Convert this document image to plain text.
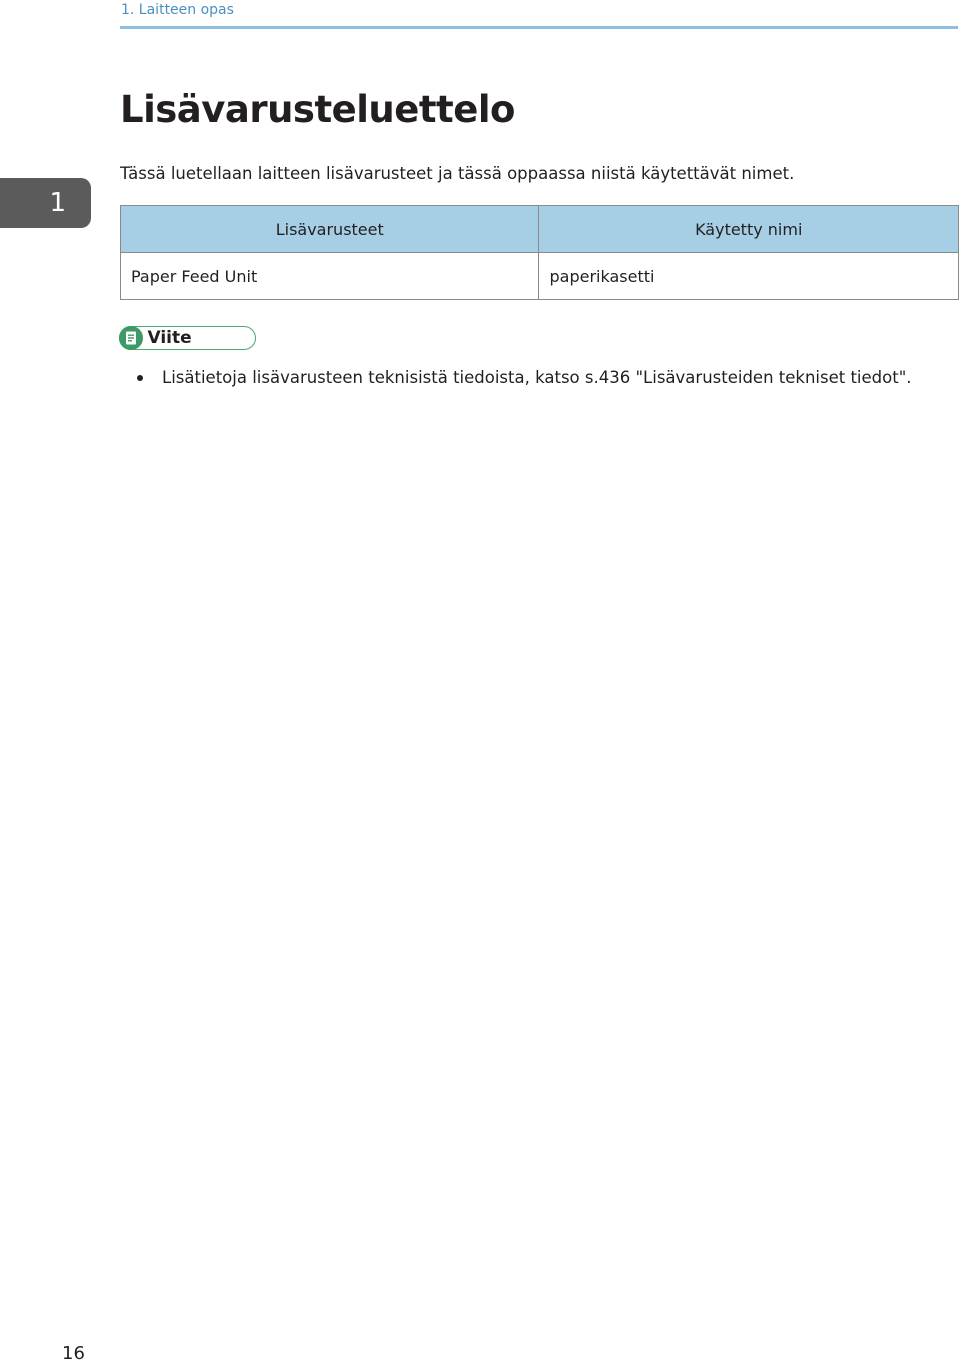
1. Laitteen opas
1
Lisävarusteluettelo
Tässä luetellaan laitteen lisävarusteet ja tässä oppaassa niistä käytettävät nimet.
Lisävarusteet	Käytetty nimi
Paper Feed Unit	paperikasetti
Viite
Lisätietoja lisävarusteen teknisistä tiedoista, katso s.436 "Lisävarusteiden tekniset tiedot".
16
